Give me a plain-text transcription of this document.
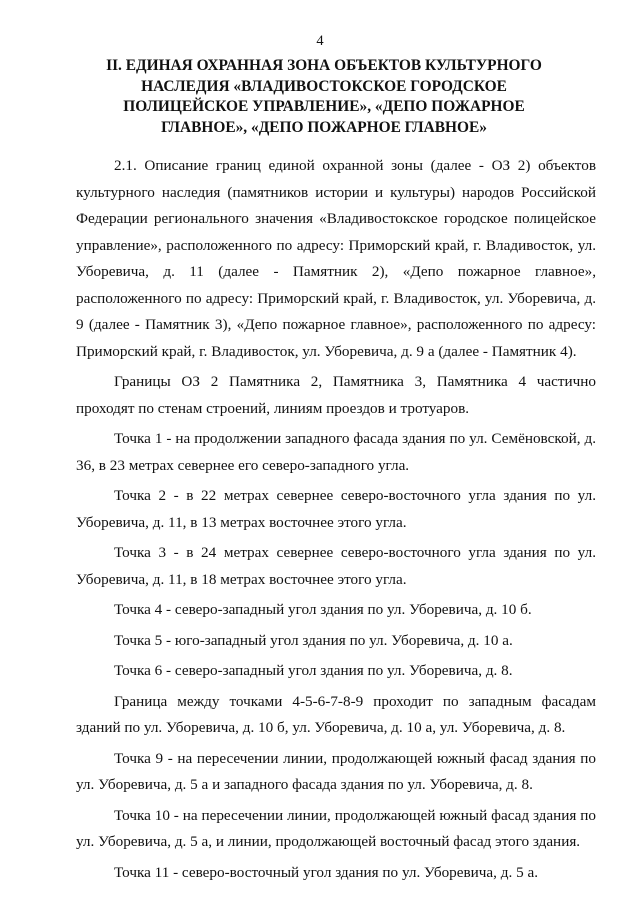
4
II. ЕДИНАЯ ОХРАННАЯ ЗОНА ОБЪЕКТОВ КУЛЬТУРНОГО НАСЛЕДИЯ «ВЛАДИВОСТОКСКОЕ ГОРОДСКОЕ ПОЛИЦЕЙСКОЕ УПРАВЛЕНИЕ», «ДЕПО ПОЖАРНОЕ ГЛАВНОЕ», «ДЕПО ПОЖАРНОЕ ГЛАВНОЕ»

2.1. Описание границ единой охранной зоны (далее - ОЗ 2) объектов культурного наследия (памятников истории и культуры) народов Российской Федерации регионального значения «Владивостокское городское полицейское управление», расположенного по адресу: Приморский край, г. Владивосток, ул. Уборевича, д. 11 (далее - Памятник 2), «Депо пожарное главное», расположенного по адресу: Приморский край, г. Владивосток, ул. Уборевича, д. 9 (далее - Памятник 3), «Депо пожарное главное», расположенного по адресу: Приморский край, г. Владивосток, ул. Уборевича, д. 9 а (далее - Памятник 4).

Границы ОЗ 2 Памятника 2, Памятника 3, Памятника 4 частично проходят по стенам строений, линиям проездов и тротуаров.

Точка 1 - на продолжении западного фасада здания по ул. Семёновской, д. 36, в 23 метрах севернее его северо-западного угла.

Точка 2 - в 22 метрах севернее северо-восточного угла здания по ул. Уборевича, д. 11, в 13 метрах восточнее этого угла.

Точка 3 - в 24 метрах севернее северо-восточного угла здания по ул. Уборевича, д. 11, в 18 метрах восточнее этого угла.

Точка 4 - северо-западный угол здания по ул. Уборевича, д. 10 б.

Точка 5 - юго-западный угол здания по ул. Уборевича, д. 10 а.

Точка 6 - северо-западный угол здания по ул. Уборевича, д. 8.

Граница между точками 4-5-6-7-8-9 проходит по западным фасадам зданий по ул. Уборевича, д. 10 б, ул. Уборевича, д. 10 а, ул. Уборевича, д. 8.

Точка 9 - на пересечении линии, продолжающей южный фасад здания по ул. Уборевича, д. 5 а и западного фасада здания по ул. Уборевича, д. 8.

Точка 10 - на пересечении линии, продолжающей южный фасад здания по ул. Уборевича, д. 5 а, и линии, продолжающей восточный фасад этого здания.

Точка 11 - северо-восточный угол здания по ул. Уборевича, д. 5 а.
